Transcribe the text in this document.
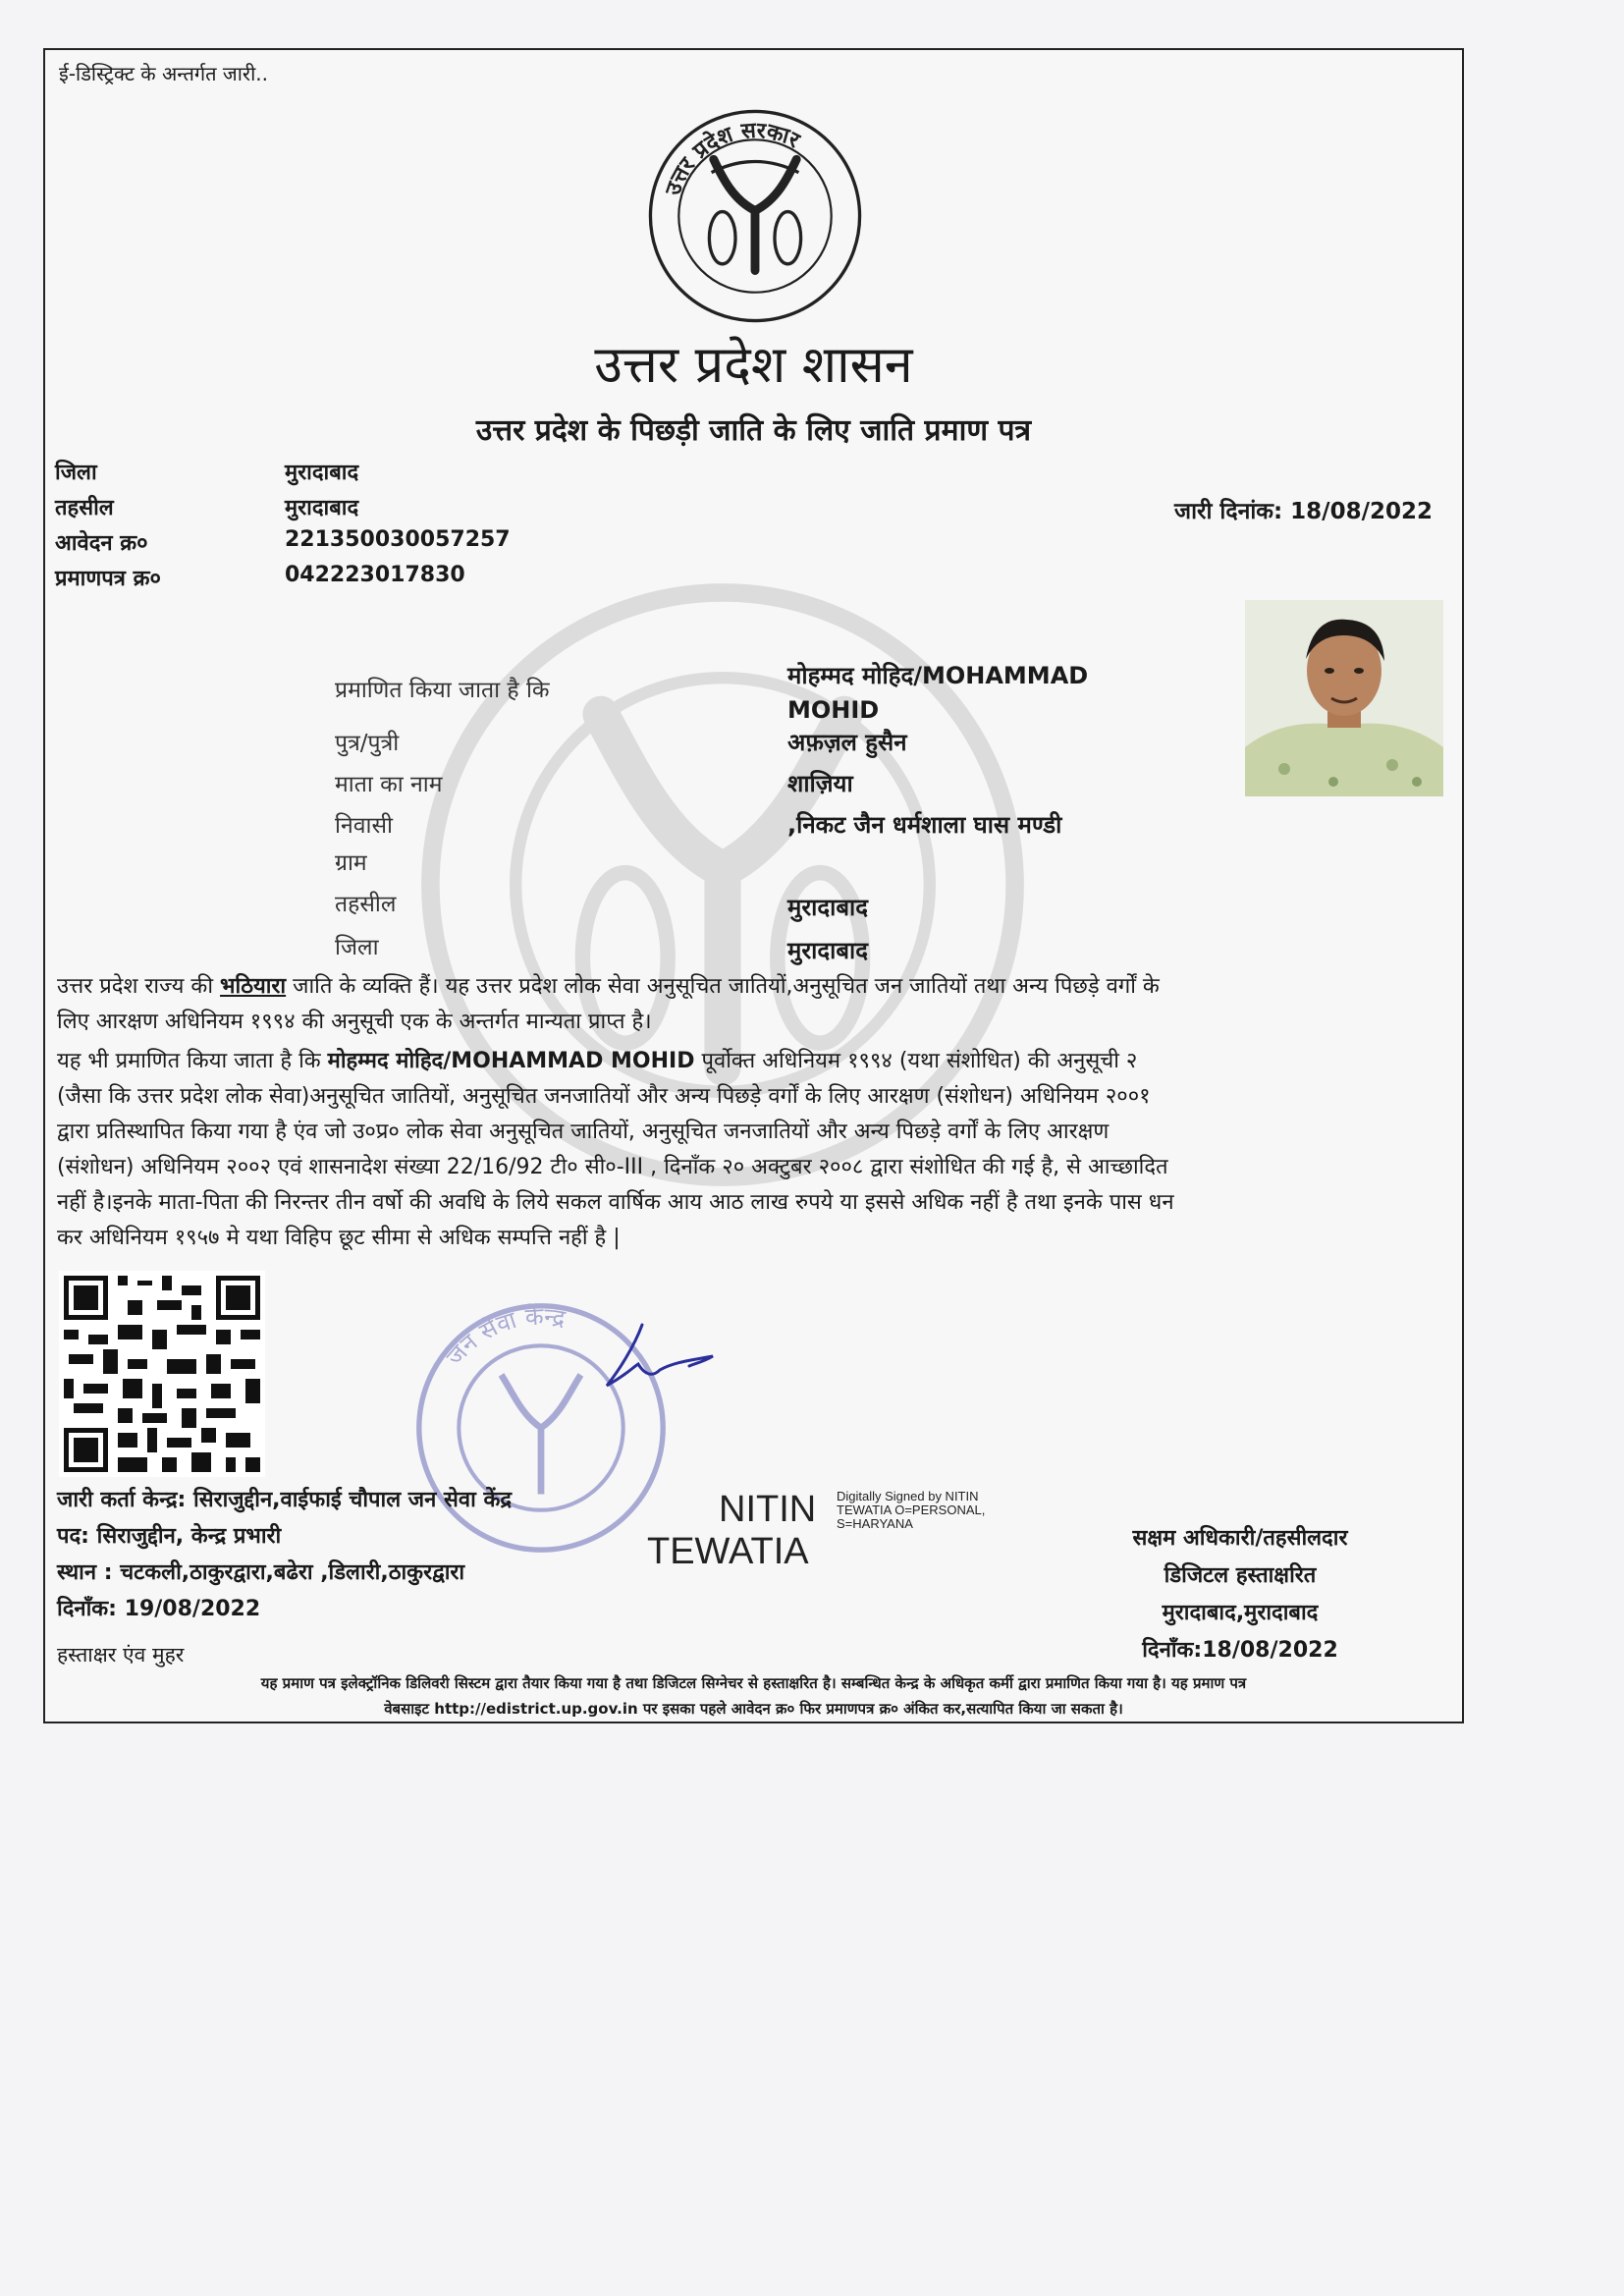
ई-डिस्ट्रिक्ट के अन्तर्गत जारी..
उत्तर प्रदेश सरकार
उत्तर प्रदेश शासन
उत्तर प्रदेश के पिछड़ी जाति के लिए जाति प्रमाण पत्र
जिला	मुरादाबाद
तहसील	मुरादाबाद
आवेदन क्र०	221350030057257
प्रमाणपत्र क्र०	042223017830
जारी दिनांक: 18/08/2022
प्रमाणित किया जाता है कि
मोहम्मद मोहिद/MOHAMMAD
MOHID
पुत्र/पुत्री	अफ़ज़ल हुसैन
माता का नाम	शाज़िया
निवासी	,निकट जैन धर्मशाला घास मण्डी
ग्राम
तहसील	मुरादाबाद
जिला	मुरादाबाद
उत्तर प्रदेश राज्य की भठियारा जाति के व्यक्ति हैं। यह उत्तर प्रदेश लोक सेवा अनुसूचित जातियों,अनुसूचित जन जातियों तथा अन्य पिछड़े वर्गों के
लिए आरक्षण अधिनियम १९९४ की अनुसूची एक के अन्तर्गत मान्यता प्राप्त है।
यह भी प्रमाणित किया जाता है कि मोहम्मद मोहिद/MOHAMMAD MOHID पूर्वोक्त अधिनियम १९९४ (यथा संशोधित) की अनुसूची २
(जैसा कि उत्तर प्रदेश लोक सेवा)अनुसूचित जातियों, अनुसूचित जनजातियों और अन्य पिछड़े वर्गों के लिए आरक्षण (संशोधन) अधिनियम २००१
द्वारा प्रतिस्थापित किया गया है एंव जो उ०प्र० लोक सेवा अनुसूचित जातियों, अनुसूचित जनजातियों और अन्य पिछड़े वर्गों के लिए आरक्षण
(संशोधन) अधिनियम २००२ एवं शासनादेश संख्या 22/16/92 टी० सी०-III , दिनाँक २० अक्टुबर २००८ द्वारा संशोधित की गई है, से आच्छादित
नहीं है।इनके माता-पिता की निरन्तर तीन वर्षो की अवधि के लिये सकल वार्षिक आय आठ लाख रुपये या इससे अधिक नहीं है तथा इनके पास धन
कर अधिनियम १९५७ मे यथा विहिप छूट सीमा से अधिक सम्पत्ति नहीं है |
जन सेवा केन्द्र
जारी कर्ता केन्द्र: सिराजुद्दीन,वाईफाई चौपाल जन सेवा केंद्र
पद: सिराजुद्दीन, केन्द्र प्रभारी
स्थान : चटकली,ठाकुरद्वारा,बढेरा ,डिलारी,ठाकुरद्वारा
दिनाँक: 19/08/2022
हस्ताक्षर एंव मुहर
NITIN Digitally Signed by NITIN
TEWATIA O=PERSONAL,
S=HARYANA
TEWATIA	सक्षम अधिकारी/तहसीलदार
डिजिटल हस्ताक्षरित
मुरादाबाद,मुरादाबाद
दिनाँक:18/08/2022
यह प्रमाण पत्र इलेक्ट्रॉनिक डिलिवरी सिस्टम द्वारा तैयार किया गया है तथा डिजिटल सिग्नेचर से हस्ताक्षरित है। सम्बन्धित केन्द्र के अधिकृत कर्मी द्वारा प्रमाणित किया गया है। यह प्रमाण पत्र
वेबसाइट http://edistrict.up.gov.in पर इसका पहले आवेदन क्र० फिर प्रमाणपत्र क्र० अंकित कर,सत्यापित किया जा सकता है।
